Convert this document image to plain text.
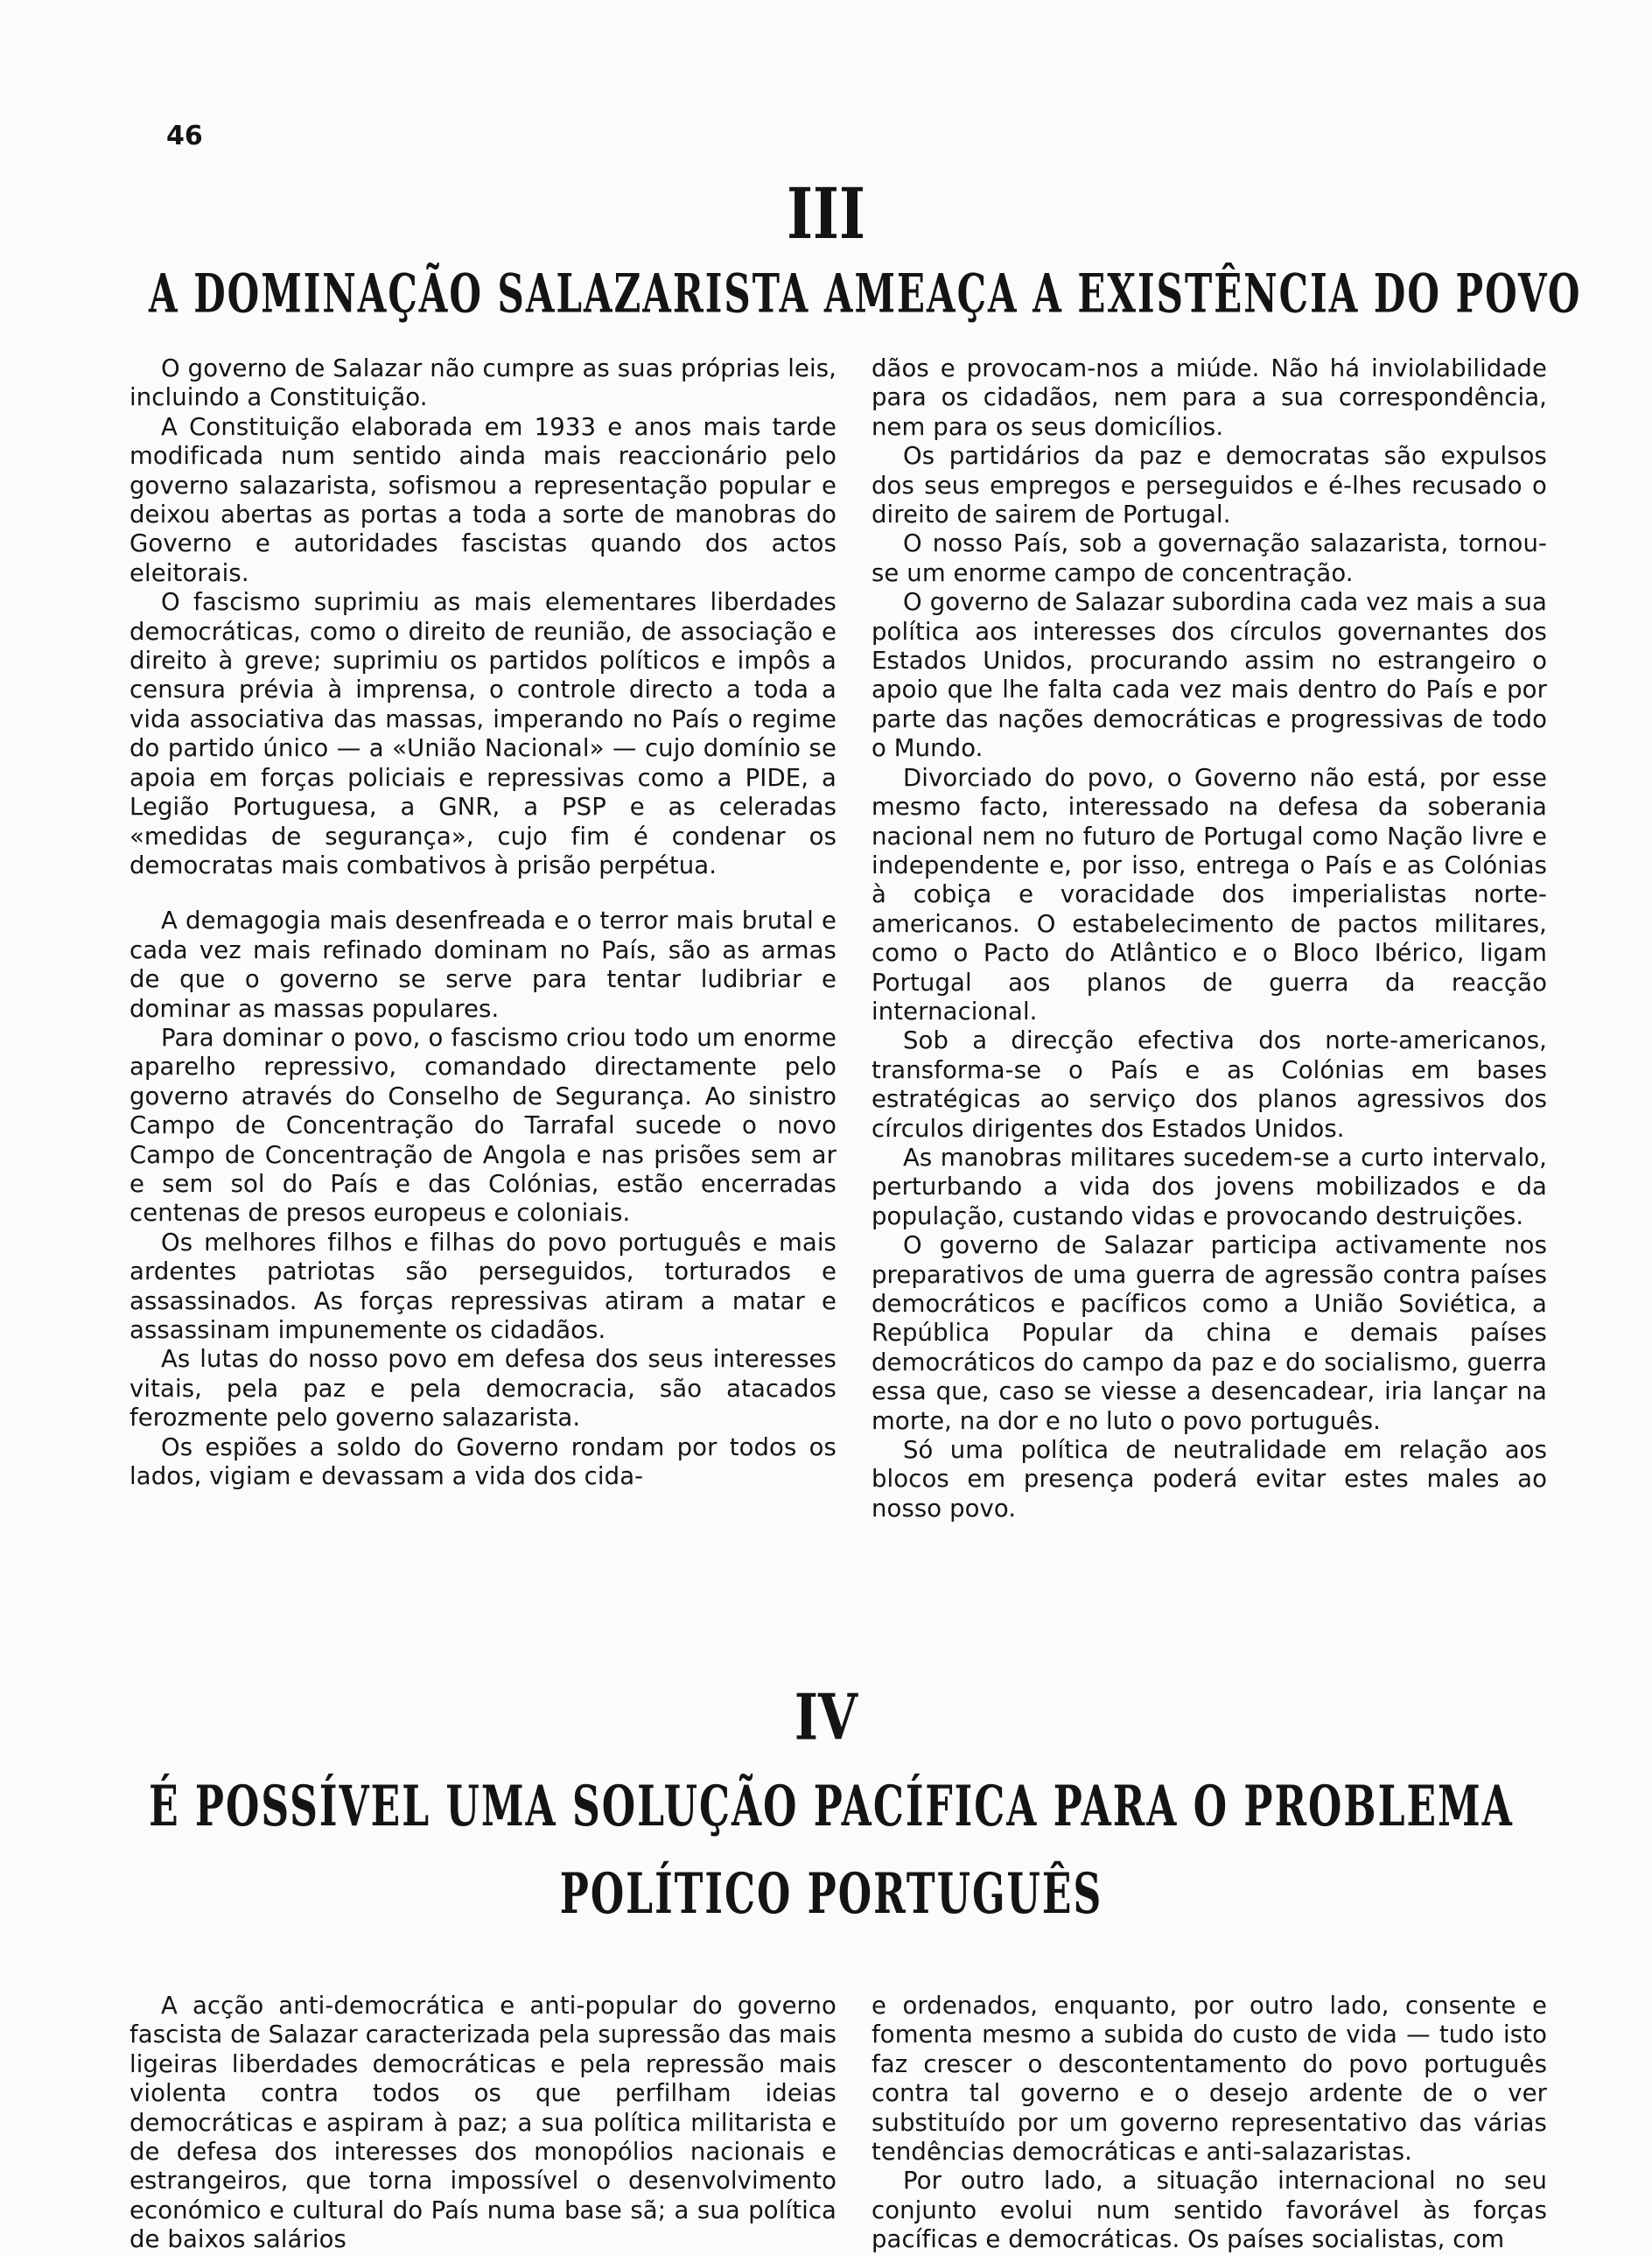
46
III
A DOMINAÇÃO SALAZARISTA AMEAÇA A EXISTÊNCIA DO POVO

O governo de Salazar não cumpre as suas próprias leis, incluindo a Constituição.

A Constituição elaborada em 1933 e anos mais tarde modificada num sentido ainda mais reaccionário pelo governo salazarista, sofismou a representação popular e deixou abertas as portas a toda a sorte de manobras do Governo e autoridades fascistas quando dos actos eleitorais.

O fascismo suprimiu as mais elementares liberdades democráticas, como o direito de reunião, de associação e direito à greve; suprimiu os partidos políticos e impôs a censura prévia à imprensa, o controle directo a toda a vida associativa das massas, imperando no País o regime do partido único — a «União Nacional» — cujo domínio se apoia em forças policiais e repressivas como a PIDE, a Legião Portuguesa, a GNR, a PSP e as celeradas «medidas de segurança», cujo fim é condenar os democratas mais combativos à prisão perpétua.

A demagogia mais desenfreada e o terror mais brutal e cada vez mais refinado dominam no País, são as armas de que o governo se serve para tentar ludibriar e dominar as massas populares.

Para dominar o povo, o fascismo criou todo um enorme aparelho repressivo, comandado directamente pelo governo através do Conselho de Segurança. Ao sinistro Campo de Concentração do Tarrafal sucede o novo Campo de Concentração de Angola e nas prisões sem ar e sem sol do País e das Colónias, estão encerradas centenas de presos europeus e coloniais.

Os melhores filhos e filhas do povo português e mais ardentes patriotas são perseguidos, torturados e assassinados. As forças repressivas atiram a matar e assassinam impunemente os cidadãos.

As lutas do nosso povo em defesa dos seus interesses vitais, pela paz e pela democracia, são atacados ferozmente pelo governo salazarista.

Os espiões a soldo do Governo rondam por todos os lados, vigiam e devassam a vida dos cida-

dãos e provocam-nos a miúde. Não há inviolabilidade para os cidadãos, nem para a sua correspondência, nem para os seus domicílios.

Os partidários da paz e democratas são expulsos dos seus empregos e perseguidos e é-lhes recusado o direito de sairem de Portugal.

O nosso País, sob a governação salazarista, tornou-se um enorme campo de concentração.

O governo de Salazar subordina cada vez mais a sua política aos interesses dos círculos governantes dos Estados Unidos, procurando assim no estrangeiro o apoio que lhe falta cada vez mais dentro do País e por parte das nações democráticas e progressivas de todo o Mundo.

Divorciado do povo, o Governo não está, por esse mesmo facto, interessado na defesa da soberania nacional nem no futuro de Portugal como Nação livre e independente e, por isso, entrega o País e as Colónias à cobiça e voracidade dos imperialistas norte-americanos. O estabelecimento de pactos militares, como o Pacto do Atlântico e o Bloco Ibérico, ligam Portugal aos planos de guerra da reacção internacional.

Sob a direcção efectiva dos norte-americanos, transforma-se o País e as Colónias em bases estratégicas ao serviço dos planos agressivos dos círculos dirigentes dos Estados Unidos.

As manobras militares sucedem-se a curto intervalo, perturbando a vida dos jovens mobilizados e da população, custando vidas e provocando destruições.

O governo de Salazar participa activamente nos preparativos de uma guerra de agressão contra países democráticos e pacíficos como a União Soviética, a República Popular da china e demais países democráticos do campo da paz e do socialismo, guerra essa que, caso se viesse a desencadear, iria lançar na morte, na dor e no luto o povo português.

Só uma política de neutralidade em relação aos blocos em presença poderá evitar estes males ao nosso povo.

IV
É POSSÍVEL UMA SOLUÇÃO PACÍFICA PARA O PROBLEMA
POLÍTICO PORTUGUÊS

A acção anti-democrática e anti-popular do governo fascista de Salazar caracterizada pela supressão das mais ligeiras liberdades democráticas e pela repressão mais violenta contra todos os que perfilham ideias democráticas e aspiram à paz; a sua política militarista e de defesa dos interesses dos monopólios nacionais e estrangeiros, que torna impossível o desenvolvimento económico e cultural do País numa base sã; a sua política de baixos salários

e ordenados, enquanto, por outro lado, consente e fomenta mesmo a subida do custo de vida — tudo isto faz crescer o descontentamento do povo português contra tal governo e o desejo ardente de o ver substituído por um governo representativo das várias tendências democráticas e anti-salazaristas.

Por outro lado, a situação internacional no seu conjunto evolui num sentido favorável às forças pacíficas e democráticas. Os países socialistas, com
